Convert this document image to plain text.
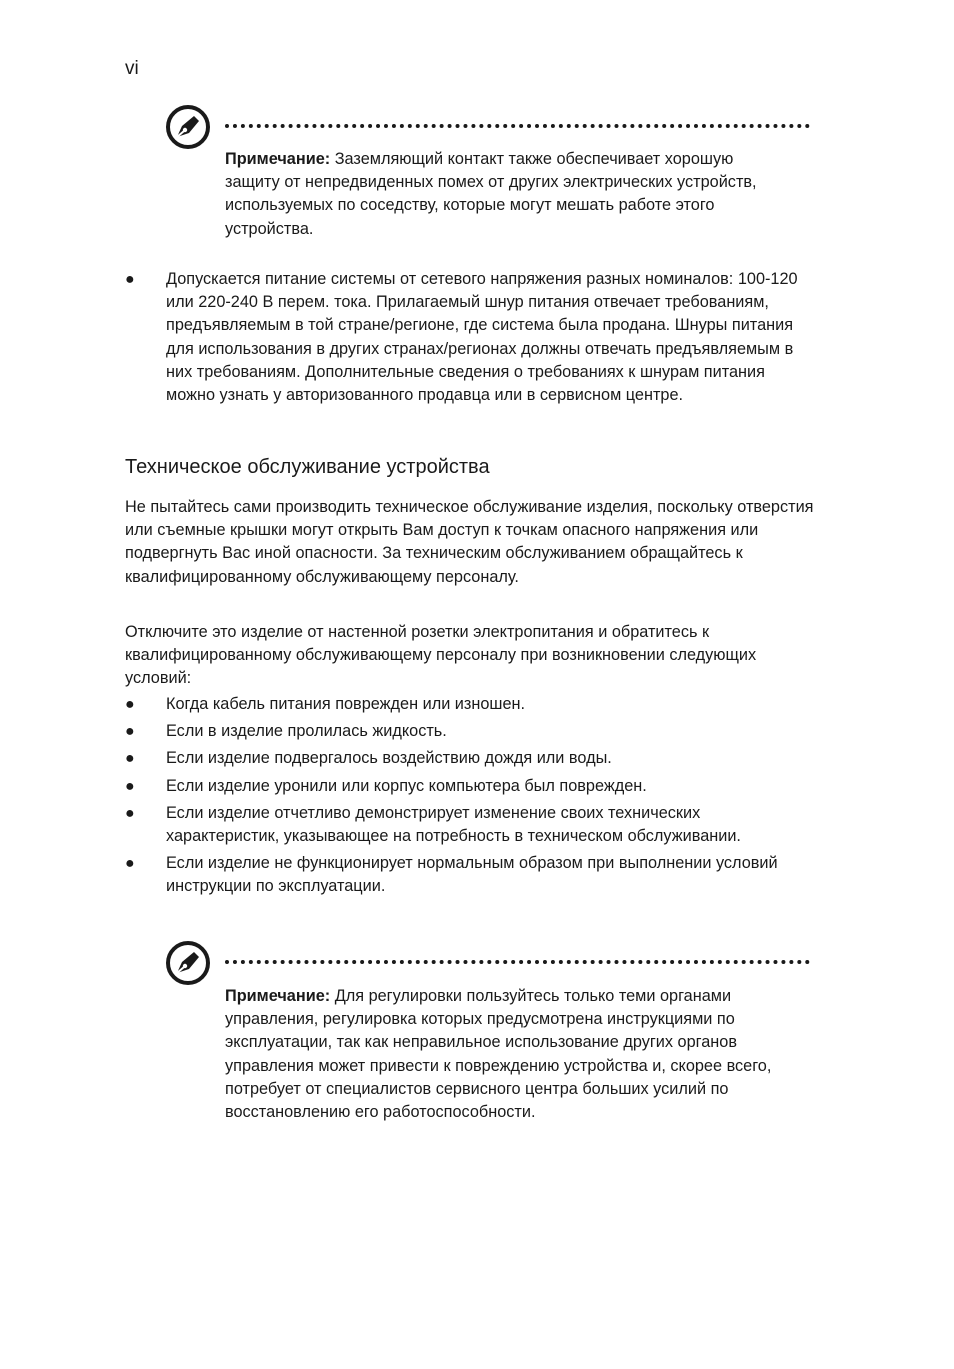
vi
Примечание: Заземляющий контакт также обеспечивает хорошую защиту от непредвиденных помех от других электрических устройств, используемых по соседству, которые могут мешать работе этого устройства.
● Допускается питание системы от сетевого напряжения разных номиналов: 100-120 или 220-240 В перем. тока. Прилагаемый шнур питания отвечает требованиям, предъявляемым в той стране/регионе, где система была продана. Шнуры питания для использования в других странах/регионах должны отвечать предъявляемым в них требованиям. Дополнительные сведения о требованиях к шнурам питания можно узнать у авторизованного продавца или в сервисном центре.
Техническое обслуживание устройства

Не пытайтесь сами производить техническое обслуживание изделия, поскольку отверстия или съемные крышки могут открыть Вам доступ к точкам опасного напряжения или подвергнуть Вас иной опасности. За техническим обслуживанием обращайтесь к квалифицированному обслуживающему персоналу.

Отключите это изделие от настенной розетки электропитания и обратитесь к квалифицированному обслуживающему персоналу при возникновении следующих условий:

● Когда кабель питания поврежден или изношен.
● Если в изделие пролилась жидкость.
● Если изделие подвергалось воздействию дождя или воды.
● Если изделие уронили или корпус компьютера был поврежден.
● Если изделие отчетливо демонстрирует изменение своих технических характеристик, указывающее на потребность в техническом обслуживании.
● Если изделие не функционирует нормальным образом при выполнении условий инструкции по эксплуатации.
Примечание: Для регулировки пользуйтесь только теми органами управления, регулировка которых предусмотрена инструкциями по эксплуатации, так как неправильное использование других органов управления может привести к повреждению устройства и, скорее всего, потребует от специалистов сервисного центра больших усилий по восстановлению его работоспособности.
